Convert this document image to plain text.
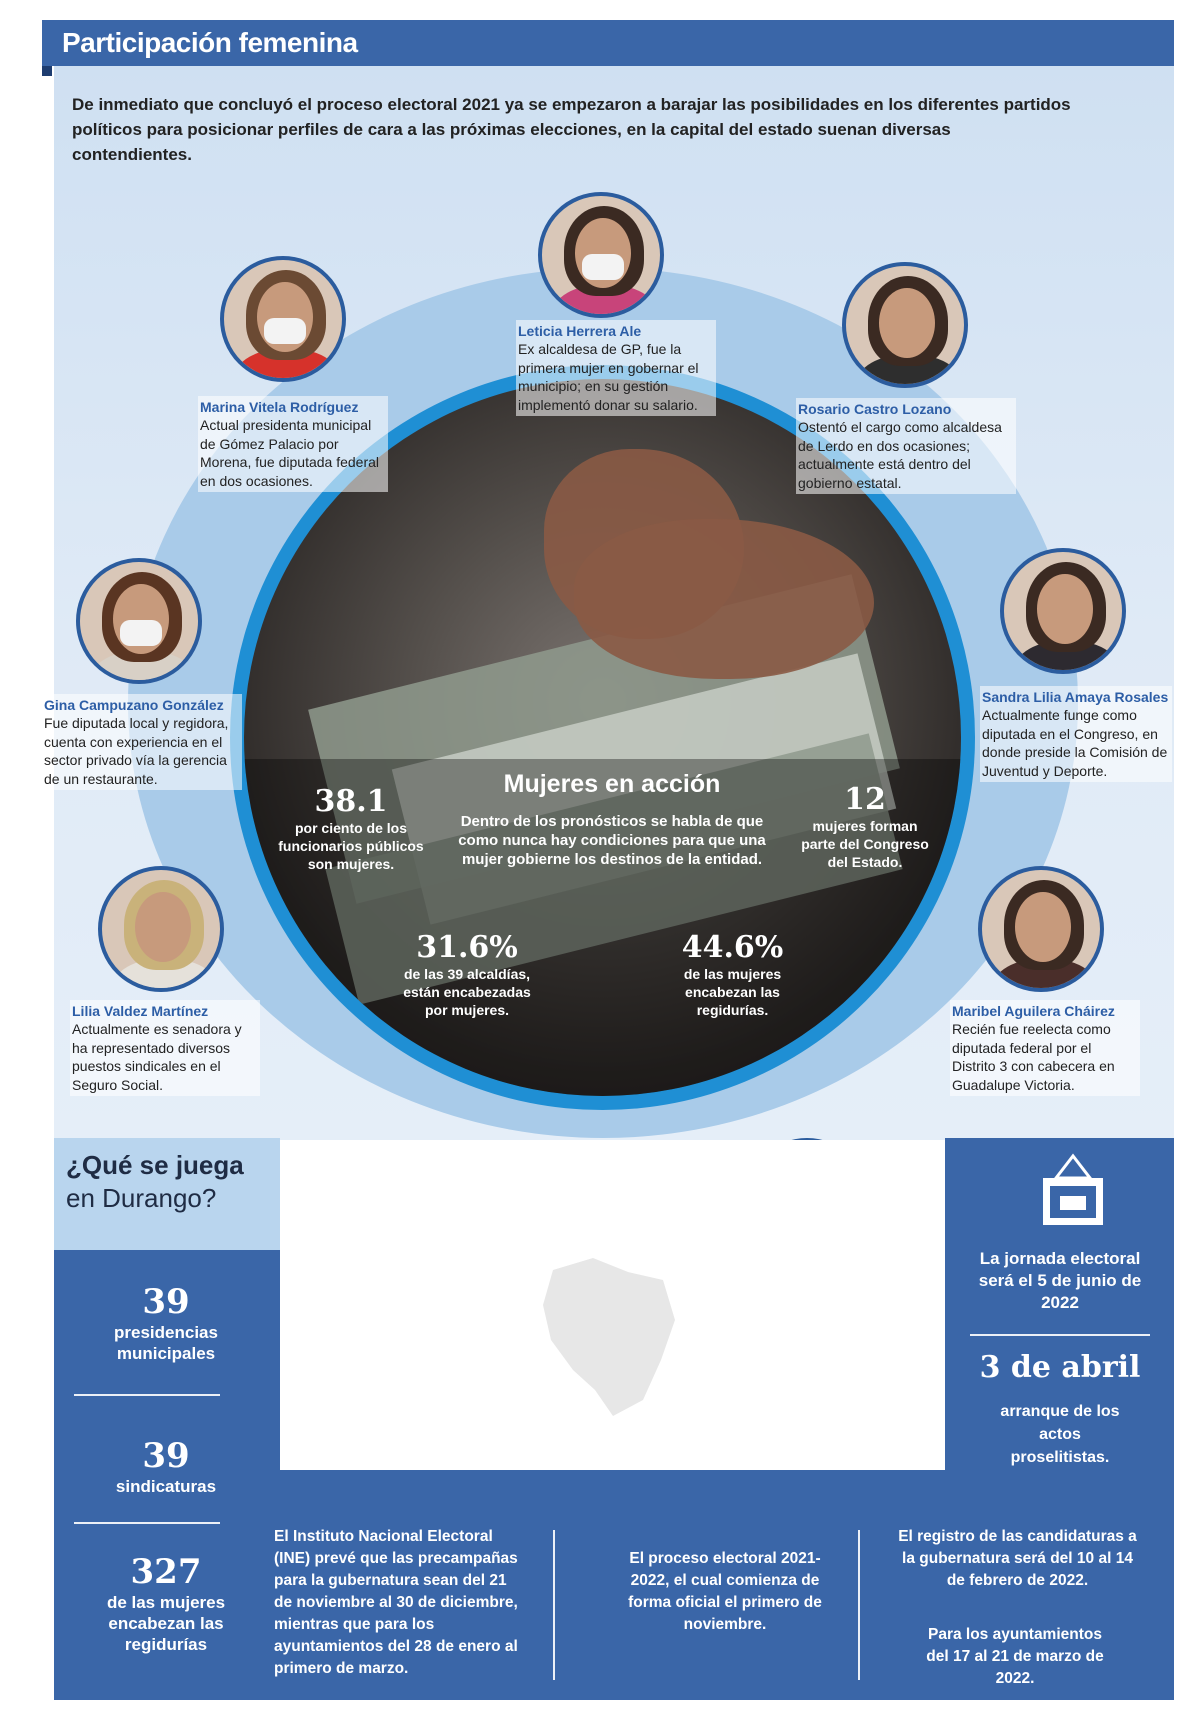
Participación femenina
De inmediato que concluyó el proceso electoral 2021 ya se empezaron a barajar las posibilidades en los diferentes partidos políticos para posicionar perfiles de cara a las próximas elecciones, en la capital del estado suenan diversas contendientes.
Mujeres en acción
Dentro de los pronósticos se habla de que como nunca hay condiciones para que una mujer gobierne los destinos de la entidad.
38.1
por ciento de los funcionarios públicos son mujeres.
12
mujeres forman parte del Congreso del Estado.
31.6%
de las 39 alcaldías, están encabezadas por mujeres.
44.6%
de las mujeres encabezan las regidurías.
Marina Vitela Rodríguez
Actual presidenta municipal de Gómez Palacio por Morena, fue diputada federal en dos ocasiones.
Leticia Herrera Ale
Ex alcaldesa de GP, fue la primera mujer en gobernar el municipio; en su gestión implementó donar su salario.	Rosario Castro Lozano
Ostentó el cargo como alcaldesa de Lerdo en dos ocasiones; actualmente está dentro del gobierno estatal.
Gina Campuzano González
Fue diputada local y regidora, cuenta con experiencia en el sector privado vía la gerencia de un restaurante.
Sandra Lilia Amaya Rosales
Actualmente funge como diputada en el Congreso, en donde preside la Comisión de Juventud y Deporte.
Lilia Valdez Martínez
Actualmente es senadora y ha representado diversos puestos sindicales en el Seguro Social.
Maribel Aguilera Cháirez
Recién fue reelecta como diputada federal por el Distrito 3 con cabecera en Guadalupe Victoria.
¿Qué se juega
en Durango?
39
presidencias municipales
39
sindicaturas
327
de las mujeres encabezan las regidurías
La jornada electoral será el 5 de junio de 2022
3 de abril
arranque de los actos proselitistas.
El Instituto Nacional Electoral (INE) prevé que las precampañas para la gubernatura sean del 21 de noviembre al 30 de diciembre, mientras que para los ayuntamientos del 28 de enero al primero de marzo.
El proceso electoral 2021-2022, el cual comienza de forma oficial el primero de noviembre.
El registro de las candidaturas a la gubernatura será del 10 al 14 de febrero de 2022.
Para los ayuntamientos del 17 al 21 de marzo de 2022.
